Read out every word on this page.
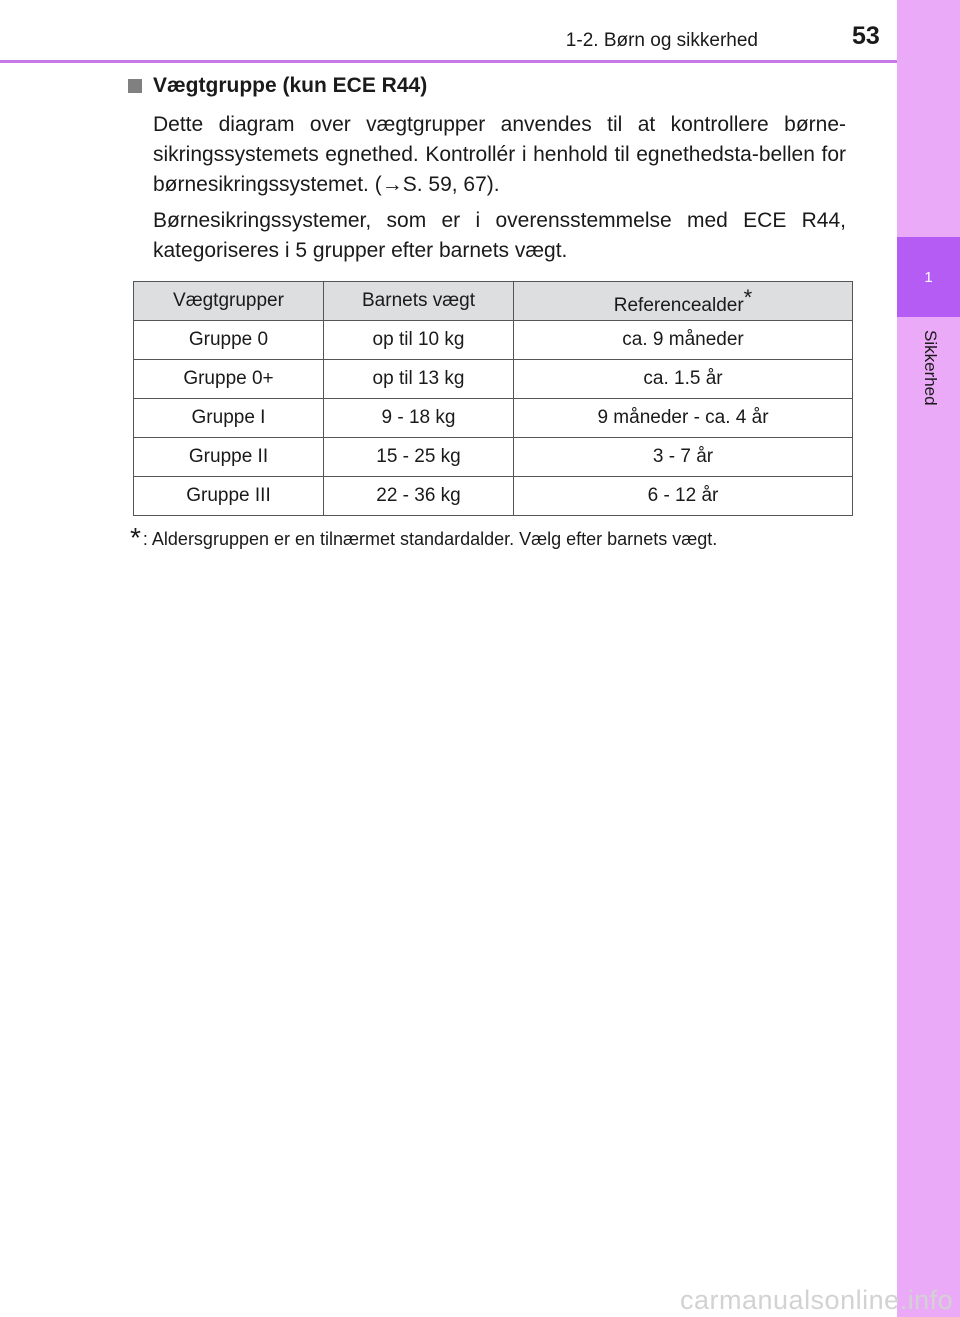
1
Sikkerhed
1-2. Børn og sikkerhed	53
Vægtgruppe (kun ECE R44)
Dette diagram over vægtgrupper anvendes til at kontrollere børne-sikringssystemets egnethed. Kontrollér i henhold til egnethedsta-bellen for børnesikringssystemet. (→S. 59, 67).
Børnesikringssystemer, som er i overensstemmelse med ECE R44, kategoriseres i 5 grupper efter barnets vægt.
Vægtgrupper	Barnets vægt	Referencealder*
Gruppe 0	op til 10 kg	ca. 9 måneder
Gruppe 0+	op til 13 kg	ca. 1.5 år
Gruppe I	9 - 18 kg	9 måneder - ca. 4 år
Gruppe II	15 - 25 kg	3 - 7 år
Gruppe III	22 - 36 kg	6 - 12 år
* : Aldersgruppen er en tilnærmet standardalder. Vælg efter barnets vægt.
carmanualsonline.info
